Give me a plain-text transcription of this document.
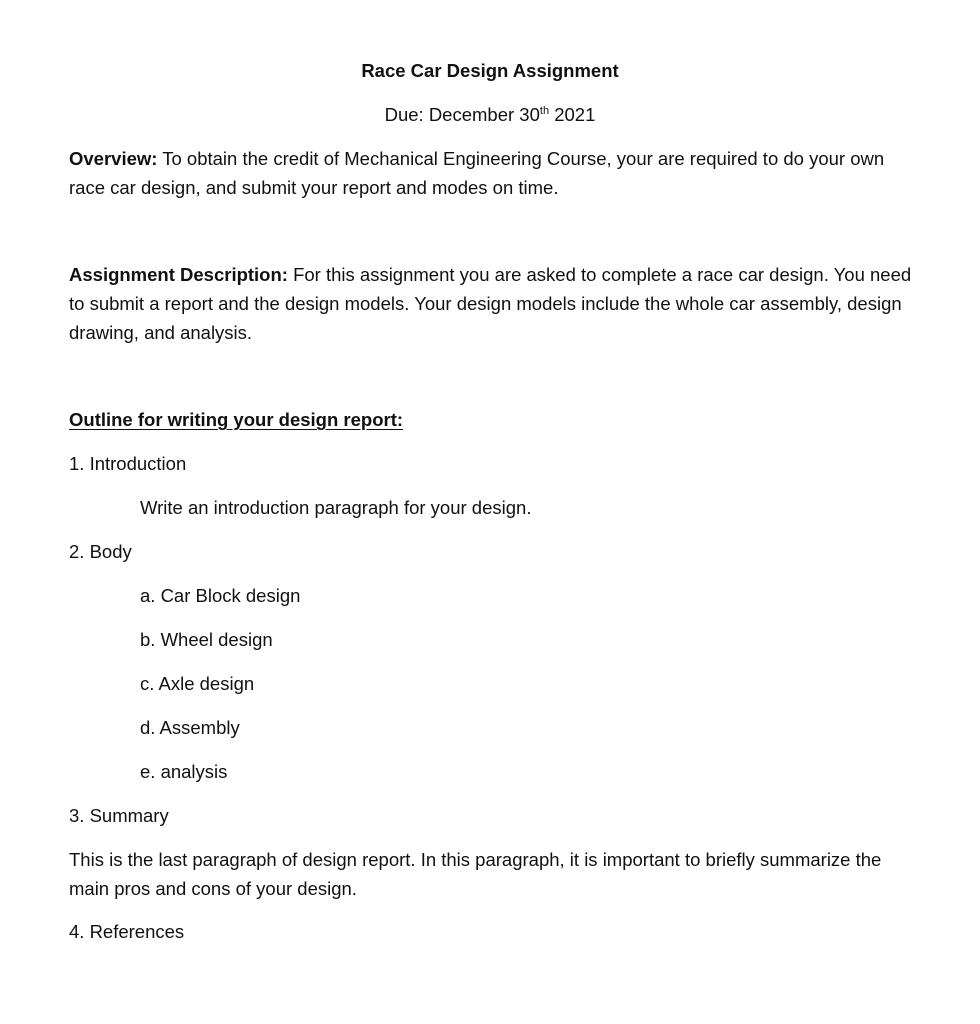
Race Car Design Assignment
Due: December 30th 2021
Overview: To obtain the credit of Mechanical Engineering Course, your are required to do your own race car design, and submit your report and modes on time.
Assignment Description: For this assignment you are asked to complete a race car design. You need to submit a report and the design models. Your design models include the whole car assembly, design drawing, and analysis.
Outline for writing your design report:
1. Introduction
Write an introduction paragraph for your design.
2. Body
a. Car Block design
b. Wheel design
c. Axle design
d. Assembly
e. analysis
3. Summary
This is the last paragraph of design report. In this paragraph, it is important to briefly summarize the main pros and cons of your design.
4. References
